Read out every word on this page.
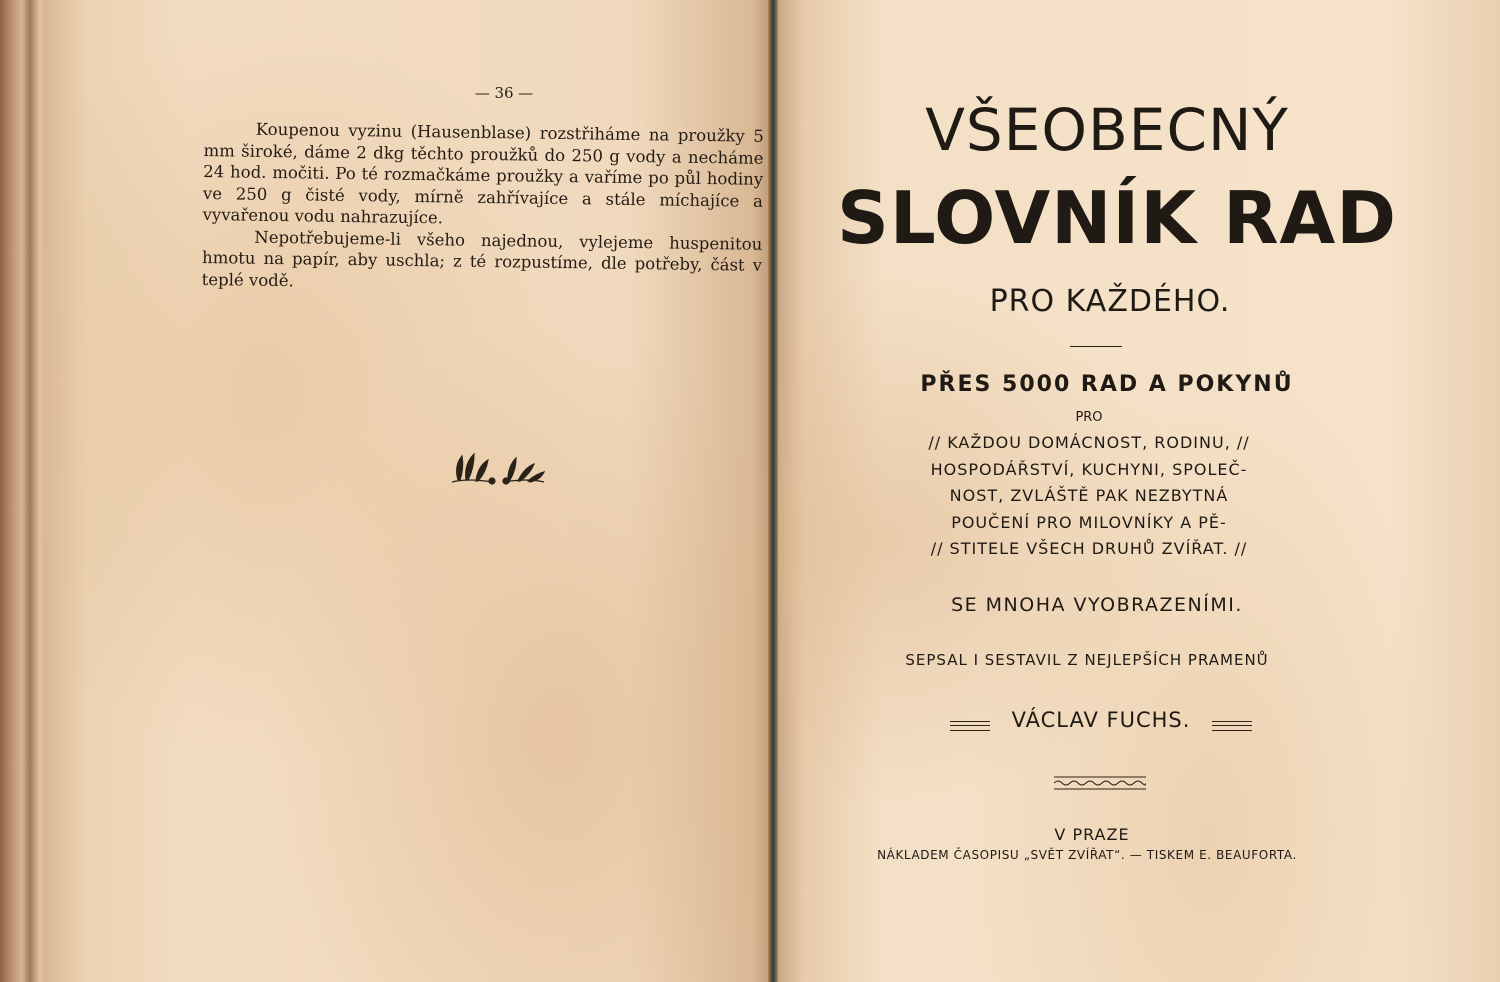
— 36 —

Koupenou vyzinu (Hausenblase) rozstřiháme na proužky 5 mm široké, dáme 2 dkg těchto proužků do 250 g vody a necháme 24 hod. močiti. Po té rozmačkáme proužky a vaříme po půl hodiny ve 250 g čisté vody, mírně zahřívajíce a stále míchajíce a vyvařenou vodu nahrazujíce.

Nepotřebujeme-li všeho najednou, vylejeme huspenitou hmotu na papír, aby uschla; z té rozpustíme, dle potřeby, část v teplé vodě.

VŠEOBECNÝ
SLOVNÍK RAD
PRO KAŽDÉHO.
PŘES 5000 RAD A POKYNŮ
PRO
// KAŽDOU DOMÁCNOST, RODINU, //
HOSPODÁŘSTVÍ, KUCHYNI, SPOLEČ-
NOST, ZVLÁŠTĚ PAK NEZBYTNÁ
POUČENÍ PRO MILOVNÍKY A PĚ-
// STITELE VŠECH DRUHŮ ZVÍŘAT. //
SE MNOHA VYOBRAZENÍMI.
SEPSAL I SESTAVIL Z NEJLEPŠÍCH PRAMENŮ
VÁCLAV FUCHS.
V PRAZE
NÁKLADEM ČASOPISU „SVĚT ZVÍŘAT“. — TISKEM E. BEAUFORTA.
